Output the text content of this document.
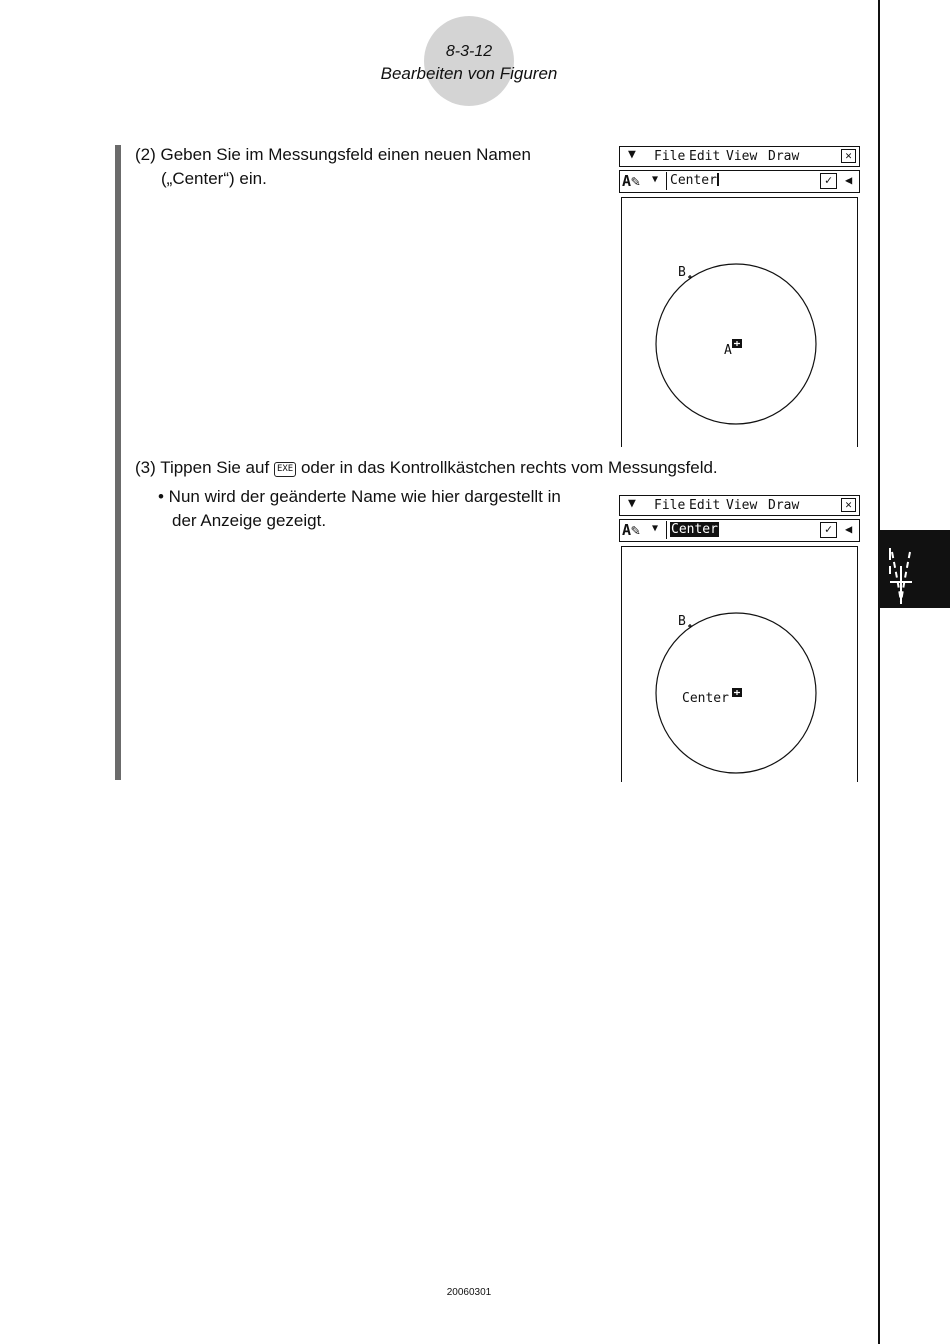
8-3-12
Bearbeiten von Figuren
(2) Geben Sie im Messungsfeld einen neuen Namen
(„Center“) ein.
(3) Tippen Sie auf EXE oder in das Kontrollkästchen rechts vom Messungsfeld.
• Nun wird der geänderte Name wie hier dargestellt in
der Anzeige gezeigt.
▼ File Edit View Draw	✕
A✎ ▼ Center	✓	◀
B
A
▼ File Edit View Draw	✕
A✎ ▼ Center	✓	◀
B
Center
20060301
